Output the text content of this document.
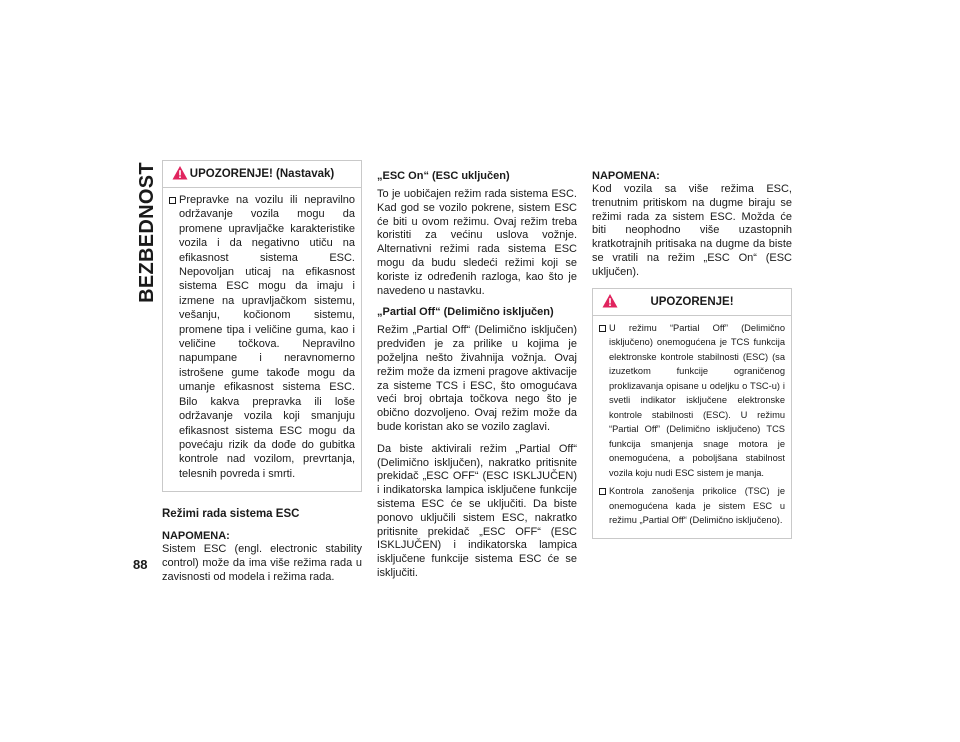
BEZBEDNOST
88
UPOZORENJE! (Nastavak)
Prepravke na vozilu ili nepravilno održavanje vozila mogu da promene upravljačke karakteristike vozila i da negativno utiču na efikasnost sistema ESC. Nepovoljan uticaj na efikasnost sistema ESC mogu da imaju i izmene na upravljačkom sistemu, vešanju, kočionom sistemu, promene tipa i veličine guma, kao i veličine točkova. Nepravilno napumpane i neravnomerno istrošene gume takođe mogu da umanje efikasnost sistema ESC. Bilo kakva prepravka ili loše održavanje vozila koji smanjuju efikasnost sistema ESC mogu da povećaju rizik da dođe do gubitka kontrole nad vozilom, prevrtanja, telesnih povreda i smrti.
Režimi rada sistema ESC
NAPOMENA:
Sistem ESC (engl. electronic stability control) može da ima više režima rada u zavisnosti od modela i režima rada.
„ESC On“ (ESC uključen)
To je uobičajen režim rada sistema ESC. Kad god se vozilo pokrene, sistem ESC će biti u ovom režimu. Ovaj režim treba koristiti za većinu uslova vožnje. Alternativni režimi rada sistema ESC mogu da budu sledeći režimi koji se koriste iz određenih razloga, kao što je navedeno u nastavku.
„Partial Off“ (Delimično isključen)
Režim „Partial Off“ (Delimično isključen) predviđen je za prilike u kojima je poželjna nešto živahnija vožnja. Ovaj režim može da izmeni pragove aktivacije za sisteme TCS i ESC, što omogućava veći broj obrtaja točkova nego što je obično dozvoljeno. Ovaj režim može da bude koristan ako se vozilo zaglavi.
Da biste aktivirali režim „Partial Off“ (Delimično isključen), nakratko pritisnite prekidač „ESC OFF“ (ESC ISKLJUČEN) i indikatorska lampica isključene funkcije sistema ESC će se uključiti. Da biste ponovo uključili sistem ESC, nakratko pritisnite prekidač „ESC OFF“ (ESC ISKLJUČEN) i indikatorska lampica isključene funkcije sistema ESC će se isključiti.
NAPOMENA:
Kod vozila sa više režima ESC, trenutnim pritiskom na dugme biraju se režimi rada za sistem ESC. Možda će biti neophodno više uzastopnih kratkotrajnih pritisaka na dugme da biste se vratili na režim „ESC On“ (ESC uključen).
UPOZORENJE!
U režimu “Partial Off” (Delimično isključeno) onemogućena je TCS funkcija elektronske kontrole stabilnosti (ESC) (sa izuzetkom funkcije ograničenog proklizavanja opisane u odeljku o TSC-u) i svetli indikator isključene elektronske kontrole stabilnosti (ESC). U režimu “Partial Off” (Delimično isključeno) TCS funkcija smanjenja snage motora je onemogućena, a poboljšana stabilnost vozila koju nudi ESC sistem je manja.
Kontrola zanošenja prikolice (TSC) je onemogućena kada je sistem ESC u režimu „Partial Off“ (Delimično isključeno).
